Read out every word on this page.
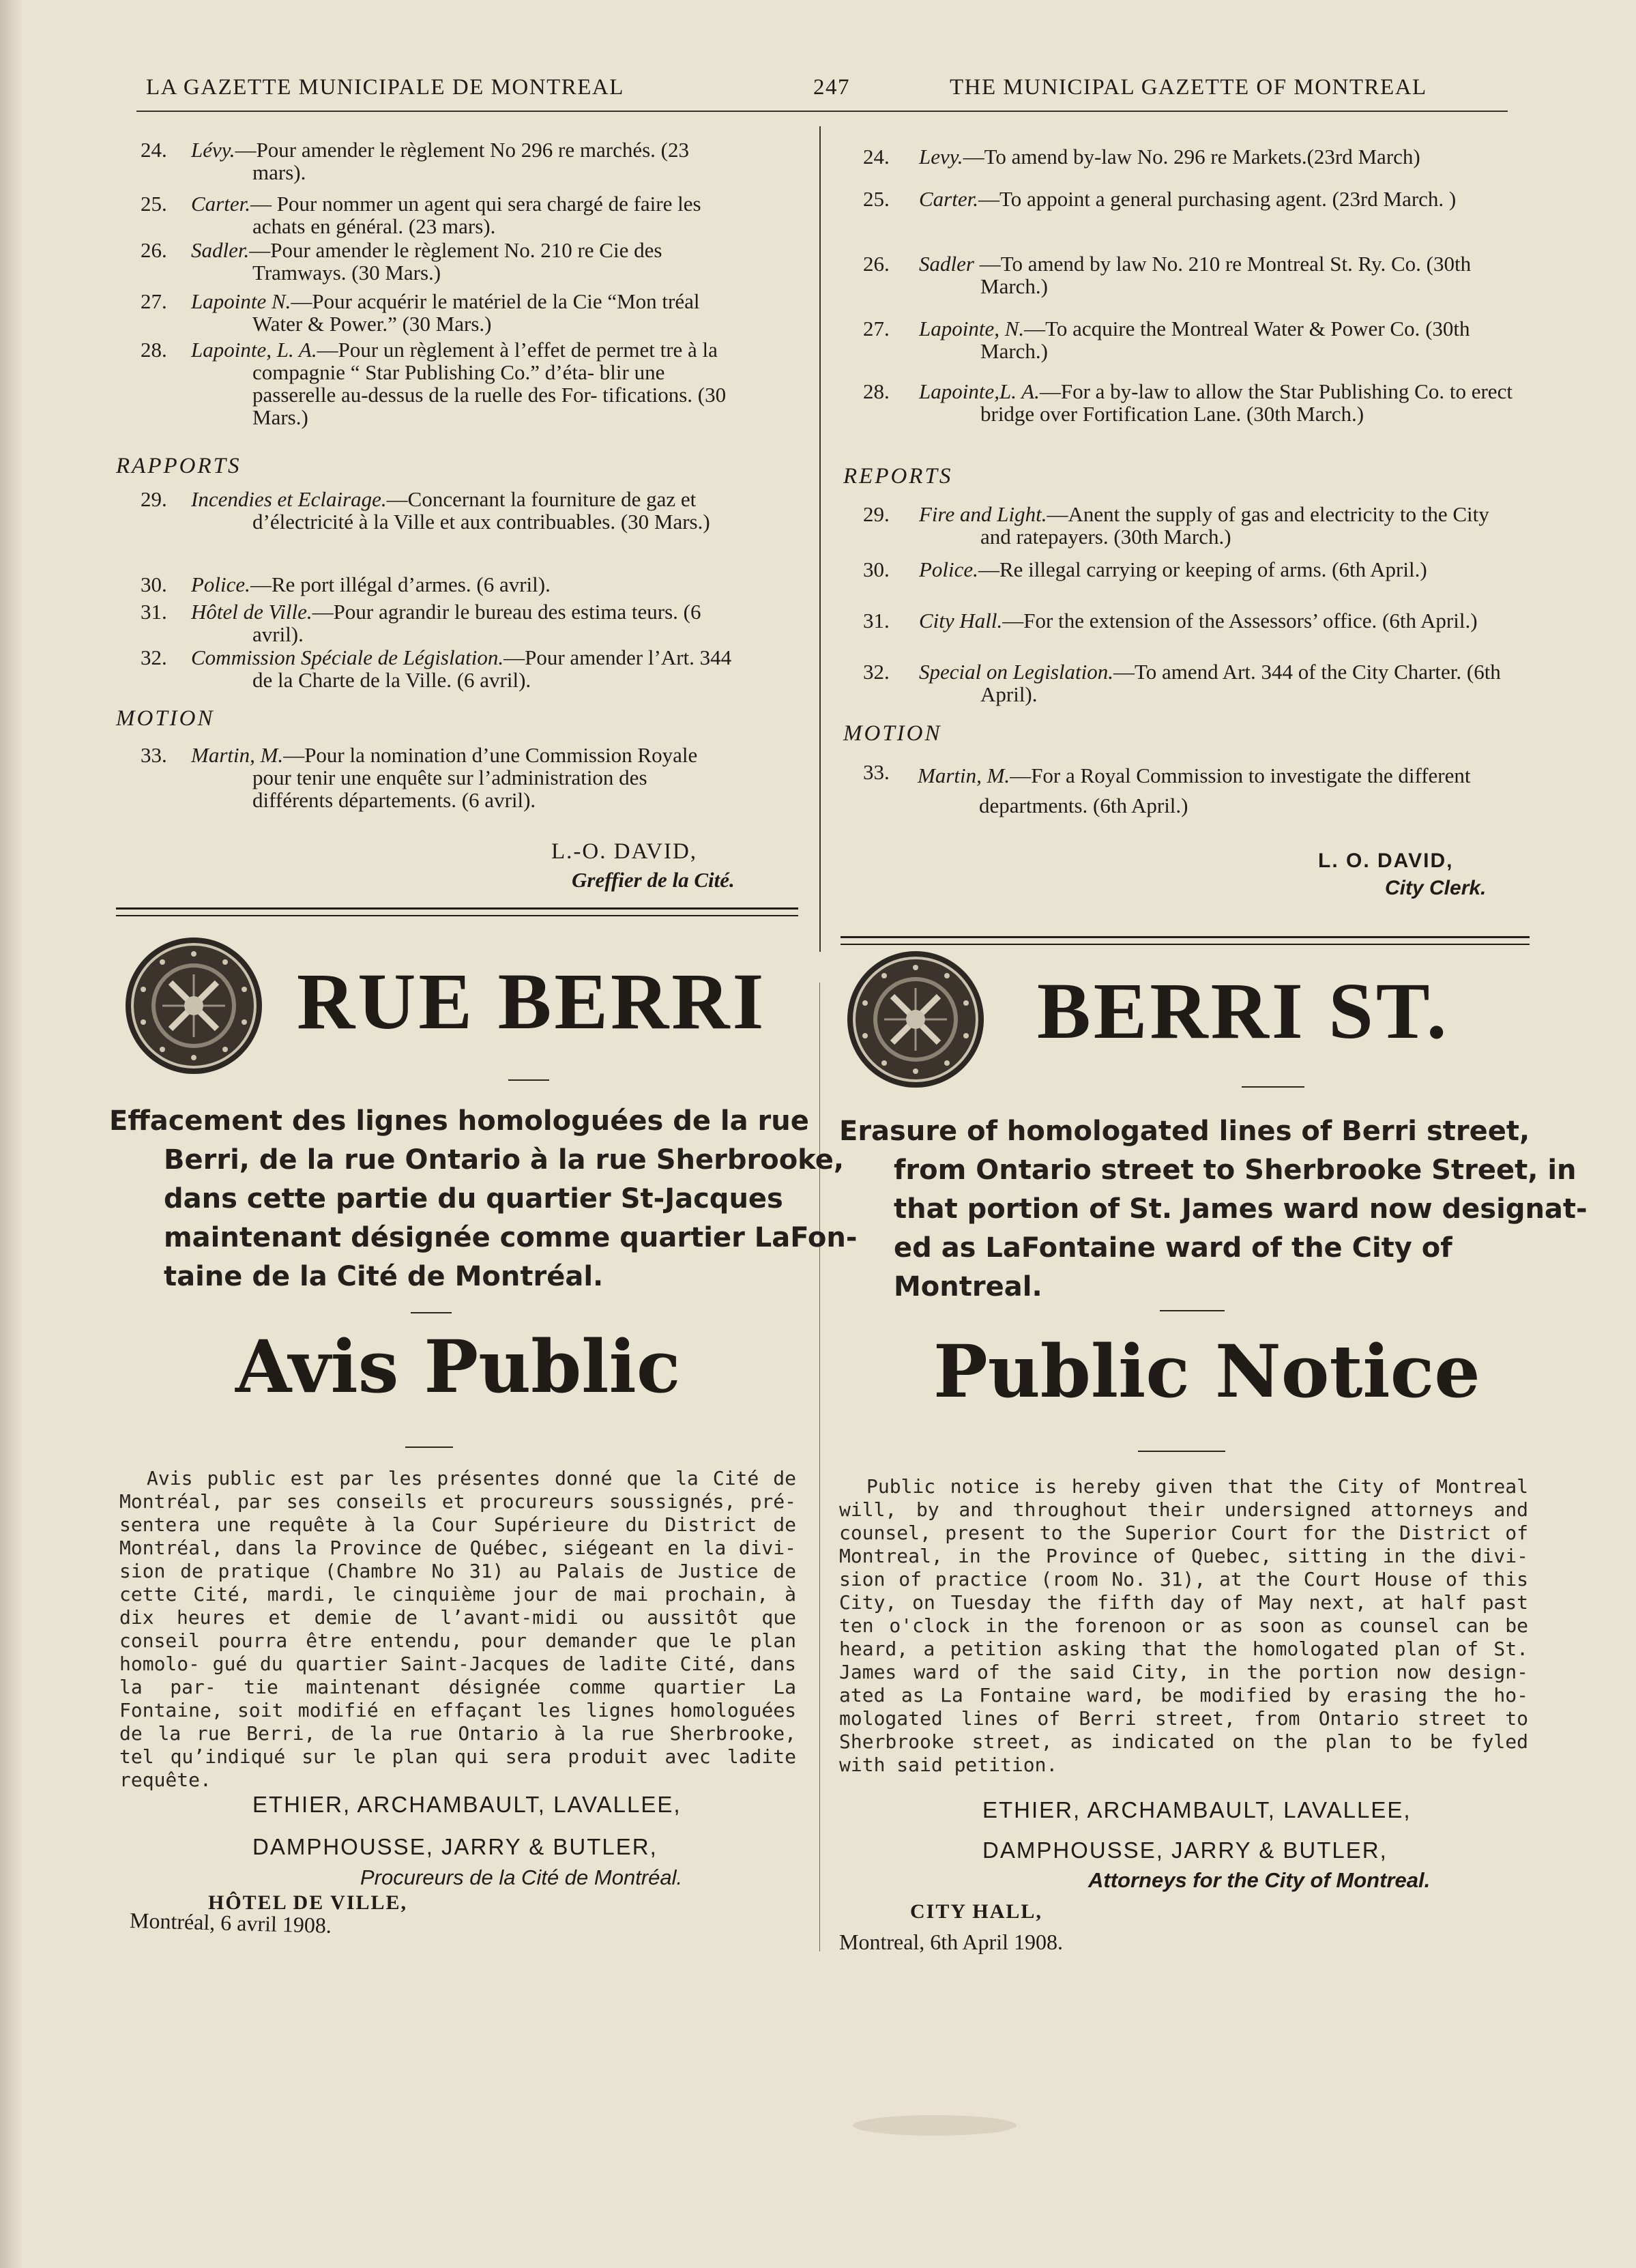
LA GAZETTE MUNICIPALE DE MONTREAL	247	THE MUNICIPAL GAZETTE OF MONTREAL
24. Lévy.—Pour amender le règlement No 296 re marchés. (23 mars).
25. Carter.— Pour nommer un agent qui sera chargé de faire les achats en général. (23 mars).
26. Sadler.—Pour amender le règlement No. 210 re Cie des Tramways. (30 Mars.)
27. Lapointe N.—Pour acquérir le matériel de la Cie “Mon tréal Water & Power.” (30 Mars.)
28. Lapointe, L. A.—Pour un règlement à l’effet de permet tre à la compagnie “ Star Publishing Co.” d’éta- blir une passerelle au-dessus de la ruelle des For- tifications. (30 Mars.)
RAPPORTS
29. Incendies et Eclairage.—Concernant la fourniture de gaz et d’électricité à la Ville et aux contribuables. (30 Mars.)
30. Police.—Re port illégal d’armes. (6 avril).
31. Hôtel de Ville.—Pour agrandir le bureau des estima teurs. (6 avril).
32. Commission Spéciale de Législation.—Pour amender l’Art. 344 de la Charte de la Ville. (6 avril).
MOTION
33. Martin, M.—Pour la nomination d’une Commission Royale pour tenir une enquête sur l’administration des différents départements. (6 avril).
L.-O. DAVID,
Greffier de la Cité.
24. Levy.—To amend by-law No. 296 re Markets.(23rd March)
25. Carter.—To appoint a general purchasing agent. (23rd March. )
26. Sadler —To amend by law No. 210 re Montreal St. Ry. Co. (30th March.)
27. Lapointe, N.—To acquire the Montreal Water & Power Co. (30th March.)
28. Lapointe,L. A.—For a by-law to allow the Star Publishing Co. to erect bridge over Fortification Lane. (30th March.)
REPORTS
29. Fire and Light.—Anent the supply of gas and electricity to the City and ratepayers. (30th March.)
30. Police.—Re illegal carrying or keeping of arms. (6th April.)
31. City Hall.—For the extension of the Assessors’ office. (6th April.)
32. Special on Legislation.—To amend Art. 344 of the City Charter. (6th April).
MOTION
33. Martin, M.—For a Royal Commission to investigate the different departments. (6th April.)
L. O. DAVID,
City Clerk.
RUE BERRI
Effacement des lignes homologuées de la rue Berri, de la rue Ontario à la rue Sherbrooke, dans cette partie du quartier St-Jacques maintenant désignée comme quartier LaFon- taine de la Cité de Montréal.
Avis Public
Avis public est par les présentes donné que la Cité de Montréal, par ses conseils et procureurs soussignés, pré- sentera une requête à la Cour Supérieure du District de Montréal, dans la Province de Québec, siégeant en la divi- sion de pratique (Chambre No 31) au Palais de Justice de cette Cité, mardi, le cinquième jour de mai prochain, à dix heures et demie de l’avant-midi ou aussitôt que conseil pourra être entendu, pour demander que le plan homolo- gué du quartier Saint-Jacques de ladite Cité, dans la par- tie maintenant désignée comme quartier La Fontaine, soit modifié en effaçant les lignes homologuées de la rue Berri, de la rue Ontario à la rue Sherbrooke, tel qu’indiqué sur le plan qui sera produit avec ladite requête.
ETHIER, ARCHAMBAULT, LAVALLEE,
DAMPHOUSSE, JARRY & BUTLER,
Procureurs de la Cité de Montréal.
HÔTEL DE VILLE,
Montréal, 6 avril 1908.
BERRI ST.
Erasure of homologated lines of Berri street, from Ontario street to Sherbrooke Street, in that portion of St. James ward now designat- ed as LaFontaine ward of the City of Montreal.
Public Notice
Public notice is hereby given that the City of Montreal will, by and throughout their undersigned attorneys and counsel, present to the Superior Court for the District of Montreal, in the Province of Quebec, sitting in the divi- sion of practice (room No. 31), at the Court House of this City, on Tuesday the fifth day of May next, at half past ten o'clock in the forenoon or as soon as counsel can be heard, a petition asking that the homologated plan of St. James ward of the said City, in the portion now design- ated as La Fontaine ward, be modified by erasing the ho- mologated lines of Berri street, from Ontario street to Sherbrooke street, as indicated on the plan to be fyled with said petition.
ETHIER, ARCHAMBAULT, LAVALLEE,
DAMPHOUSSE, JARRY & BUTLER,
Attorneys for the City of Montreal.
CITY HALL,
Montreal, 6th April 1908.
